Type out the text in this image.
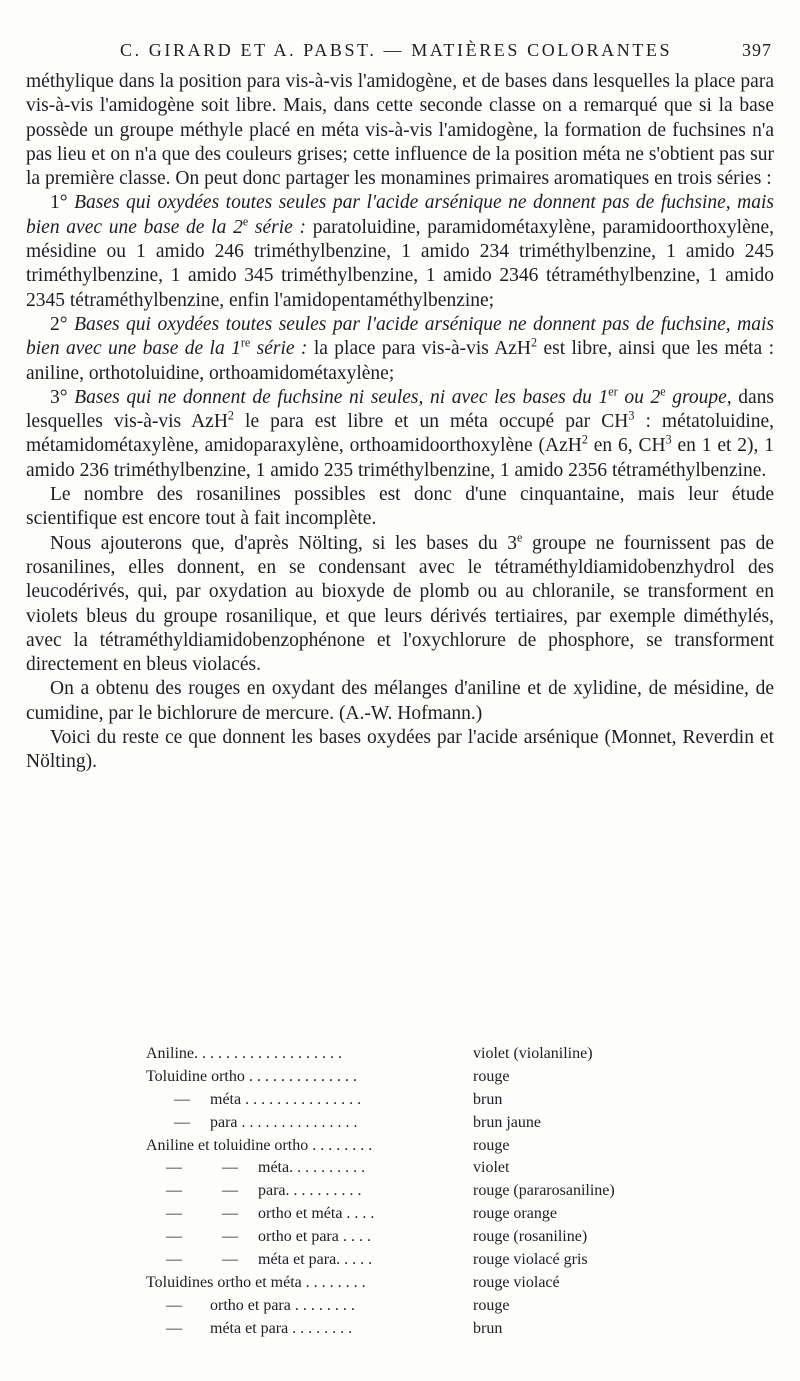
C. GIRARD ET A. PABST. — MATIÈRES COLORANTES	397

méthylique dans la position para vis-à-vis l'amidogène, et de bases dans lesquelles la place para vis-à-vis l'amidogène soit libre. Mais, dans cette seconde classe on a remarqué que si la base possède un groupe méthyle placé en méta vis-à-vis l'amidogène, la formation de fuchsines n'a pas lieu et on n'a que des couleurs grises; cette influence de la position méta ne s'obtient pas sur la première classe. On peut donc partager les monamines primaires aromatiques en trois séries :

1° Bases qui oxydées toutes seules par l'acide arsénique ne donnent pas de fuchsine, mais bien avec une base de la 2e série : paratoluidine, paramidométaxylène, paramidoorthoxylène, mésidine ou 1 amido 246 triméthylbenzine, 1 amido 234 triméthylbenzine, 1 amido 245 triméthylbenzine, 1 amido 345 triméthylbenzine, 1 amido 2346 tétraméthylbenzine, 1 amido 2345 tétraméthylbenzine, enfin l'amidopentaméthylbenzine;

2° Bases qui oxydées toutes seules par l'acide arsénique ne donnent pas de fuchsine, mais bien avec une base de la 1re série : la place para vis-à-vis AzH$^2$ est libre, ainsi que les méta : aniline, orthotoluidine, orthoamidométaxylène;

3° Bases qui ne donnent de fuchsine ni seules, ni avec les bases du 1er ou 2e groupe, dans lesquelles vis-à-vis AzH$^2$ le para est libre et un méta occupé par $CH^3$ : métatoluidine, métamidométaxylène, amidoparaxylène, orthoamidoorthoxylène (AzH$^2$ en 6, $CH^3$ en 1 et 2), 1 amido 236 triméthylbenzine, 1 amido 235 triméthylbenzine, 1 amido 2356 tétraméthylbenzine.

Le nombre des rosanilines possibles est donc d'une cinquantaine, mais leur étude scientifique est encore tout à fait incomplète.

Nous ajouterons que, d'après Nölting, si les bases du 3e groupe ne fournissent pas de rosanilines, elles donnent, en se condensant avec le tétraméthyldiamidobenzhydrol des leucodérivés, qui, par oxydation au bioxyde de plomb ou au chloranile, se transforment en violets bleus du groupe rosanilique, et que leurs dérivés tertiaires, par exemple diméthylés, avec la tétraméthyldiamidobenzophénone et l'oxychlorure de phosphore, se transforment directement en bleus violacés.

On a obtenu des rouges en oxydant des mélanges d'aniline et de xylidine, de mésidine, de cumidine, par le bichlorure de mercure. (A.-W. Hofmann.)

Voici du reste ce que donnent les bases oxydées par l'acide arsénique (Monnet, Reverdin et Nölting).

Aniline. . . . . . . . . . . . . . . . . . .	violet (violaniline)
Toluidine ortho . . . . . . . . . . . . . .	rouge
—     méta . . . . . . . . . . . . . . .	brun
—     para . . . . . . . . . . . . . . .	brun jaune
Aniline et toluidine ortho . . . . . . . .	rouge
—          —     méta. . . . . . . . . .	violet
—          —     para. . . . . . . . . .	rouge (pararosaniline)
—          —     ortho et méta . . . .	rouge orange
—          —     ortho et para . . . .	rouge (rosaniline)
—          —     méta et para. . . . .	rouge violacé gris
Toluidines ortho et méta . . . . . . . .	rouge violacé
—       ortho et para . . . . . . . .	rouge
—       méta et para . . . . . . . .	brun
